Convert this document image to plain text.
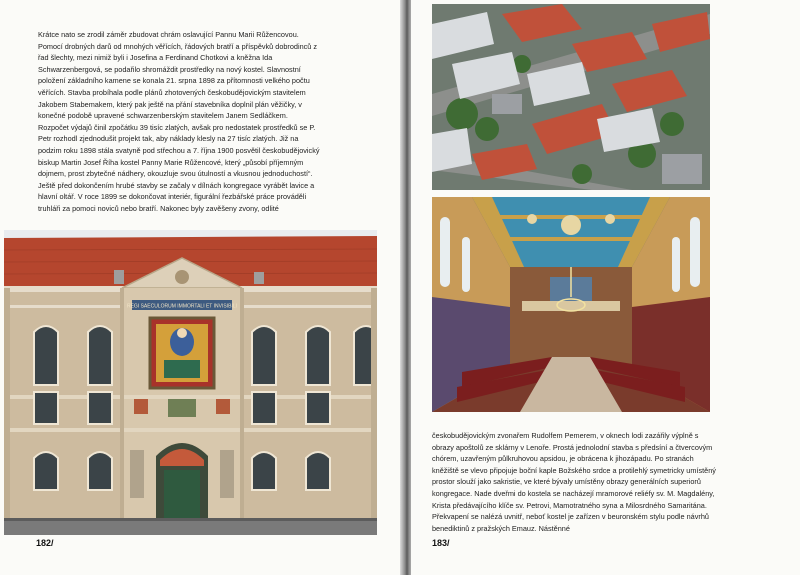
Krátce nato se zrodil záměr zbudovat chrám oslavující Pannu Marii Růžencovou. Pomocí drobných darů od mnohých věřících, řádových bratří a příspěvků dobrodinců z řad šlechty, mezi nimiž byli i Josefina a Ferdinand Chotkovi a kněžna Ida Schwarzenbergová, se podařilo shromáždit prostředky na nový kostel. Slavnostní položení základního kamene se konala 21. srpna 1898 za přítomnosti velkého počtu věřících. Stavba probíhala podle plánů zhotovených českobudějovickým stavitelem Jakobem Stabemakem, který pak ještě na přání stavebníka doplnil plán věžičky, v konečné podobě upravené schwarzenberským stavitelem Janem Sedláčkem. Rozpočet výdajů činil zpočátku 39 tisíc zlatých, avšak pro nedostatek prostředků se P. Petr rozhodl zjednodušit projekt tak, aby náklady klesly na 27 tisíc zlatých. Již na podzim roku 1898 stála svatyně pod střechou a 7. října 1900 posvětil českobudějovický biskup Martin Josef Říha kostel Panny Marie Růžencové, který „působí příjemným dojmem, prost zbytečné nádhery, okouzluje svou útulností a vkusnou jednoduchostí“. Ještě před dokončením hrubé stavby se začaly v dílnách kongregace vyrábět lavice a hlavní oltář. V roce 1899 se dokončovat interiér, figurální řezbářské práce prováděli truhláři za pomoci noviců nebo bratří. Nakonec byly zavěšeny zvony, odlité
REGI SAECULORUM IMMORTALI ET INVISIBILI
182/	183/
českobudějovickým zvonařem Rudolfem Pemerem, v oknech lodi zazářily výplně s obrazy apoštolů ze sklárny v Lenoře. Prostá jednolodní stavba s předsíní a čtvercovým chórem, uzavřeným půlkruhovou apsidou, je obrácena k jihozápadu. Po stranách kněžiště se vlevo připojuje boční kaple Božského srdce a protilehlý symetricky umístěný prostor slouží jako sakristie, ve které bývaly umístěny obrazy generálních superiorů kongregace. Nade dveřmi do kostela se nacházejí mramorové reliéfy sv. M. Magdalény, Krista předávajícího klíče sv. Petrovi, Mamotratného syna a Milosrdného Samaritána. Překvapení se nalézá uvnitř, neboť kostel je zařízen v beuronském stylu podle návrhů benediktinů z pražských Emauz. Nástěnné
